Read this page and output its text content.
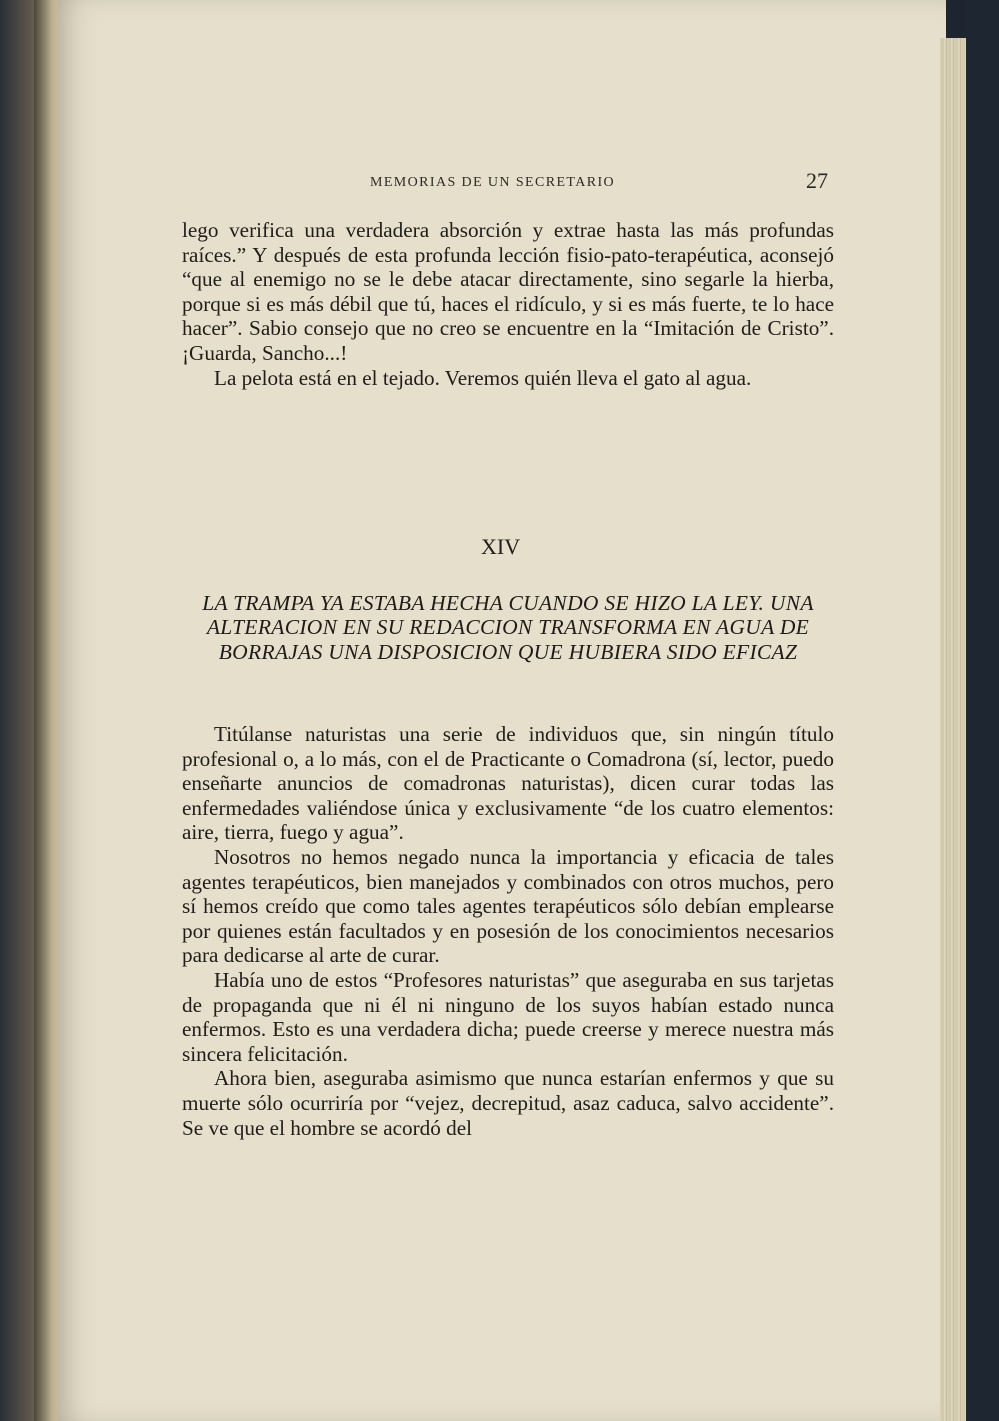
MEMORIAS DE UN SECRETARIO	27

lego verifica una verdadera absorción y extrae hasta las más profundas raíces.” Y después de esta profunda lección fisio-pato-terapéutica, aconsejó “que al enemigo no se le debe atacar directamente, sino segarle la hierba, porque si es más débil que tú, haces el ridículo, y si es más fuerte, te lo hace hacer”. Sabio consejo que no creo se encuentre en la “Imitación de Cristo”. ¡Guarda, Sancho...!

La pelota está en el tejado. Veremos quién lleva el gato al agua.

XIV
LA TRAMPA YA ESTABA HECHA CUANDO SE HIZO LA LEY. UNA ALTERACION EN SU REDACCION TRANSFORMA EN AGUA DE BORRAJAS UNA DISPOSICION QUE HUBIERA SIDO EFICAZ

Titúlanse naturistas una serie de individuos que, sin ningún título profesional o, a lo más, con el de Practicante o Comadrona (sí, lector, puedo enseñarte anuncios de comadronas naturistas), dicen curar todas las enfermedades valiéndose única y exclusivamente “de los cuatro elementos: aire, tierra, fuego y agua”.

Nosotros no hemos negado nunca la importancia y eficacia de tales agentes terapéuticos, bien manejados y combinados con otros muchos, pero sí hemos creído que como tales agentes terapéuticos sólo debían emplearse por quienes están facultados y en posesión de los conocimientos necesarios para dedicarse al arte de curar.

Había uno de estos “Profesores naturistas” que aseguraba en sus tarjetas de propaganda que ni él ni ninguno de los suyos habían estado nunca enfermos. Esto es una verdadera dicha; puede creerse y merece nuestra más sincera felicitación.

Ahora bien, aseguraba asimismo que nunca estarían enfermos y que su muerte sólo ocurriría por “vejez, decrepitud, asaz caduca, salvo accidente”. Se ve que el hombre se acordó del
